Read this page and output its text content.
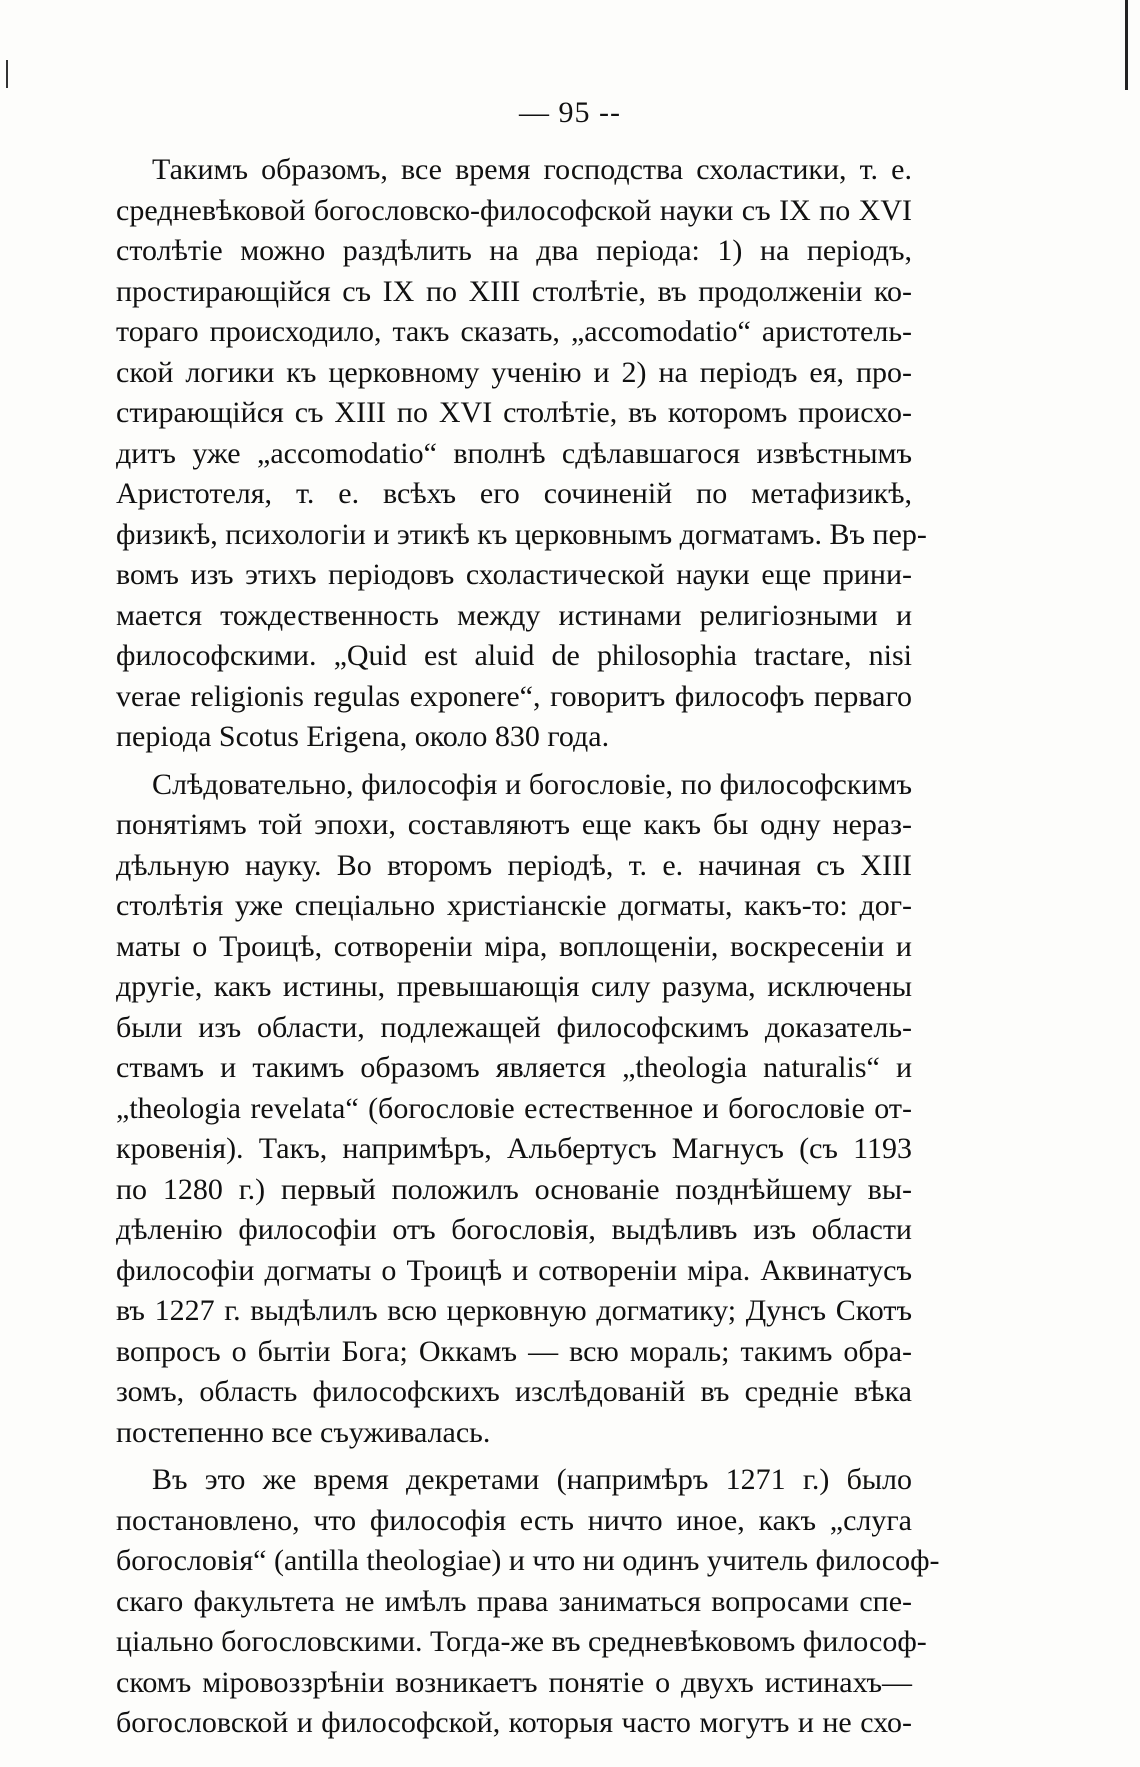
— 95 --
Такимъ образомъ, все время господства схоластики, т. е.
средневѣковой богословско-философской науки съ IX по XVI
столѣтіе можно раздѣлить на два періода: 1) на періодъ,
простирающійся съ IX по XIII столѣтіе, въ продолженіи ко-
тораго происходило, такъ сказать, „accomodatio“ аристотель-
ской логики къ церковному ученію и 2) на періодъ ея, про-
стирающійся съ XIII по XVI столѣтіе, въ которомъ происхо-
дитъ уже „accomodatio“ вполнѣ сдѣлавшагося извѣстнымъ
Аристотеля, т. е. всѣхъ его сочиненій по метафизикѣ,
физикѣ, психологіи и этикѣ къ церковнымъ догматамъ. Въ пер-
вомъ изъ этихъ періодовъ схоластической науки еще прини-
мается тождественность между истинами религіозными и
философскими. „Quid est aluid de philosophia tractare, nisi
verae religionis regulas exponere“, говоритъ философъ перваго
періода Scotus Erigena, около 830 года.
Слѣдовательно, философія и богословіе, по философскимъ
понятіямъ той эпохи, составляютъ еще какъ бы одну нераз-
дѣльную науку. Во второмъ періодѣ, т. е. начиная съ XIII
столѣтія уже спеціально христіанскіе догматы, какъ-то: дог-
маты о Троицѣ, сотвореніи міра, воплощеніи, воскресеніи и
другіе, какъ истины, превышающія силу разума, исключены
были изъ области, подлежащей философскимъ доказатель-
ствамъ и такимъ образомъ является „theologia naturalis“ и
„theologia revelata“ (богословіе естественное и богословіе от-
кровенія). Такъ, напримѣръ, Альбертусъ Магнусъ (съ 1193
по 1280 г.) первый положилъ основаніе позднѣйшему вы-
дѣленію философіи отъ богословія, выдѣливъ изъ области
философіи догматы о Троицѣ и сотвореніи міра. Аквинатусъ
въ 1227 г. выдѣлилъ всю церковную догматику; Дунсъ Скотъ
вопросъ о бытіи Бога; Оккамъ — всю мораль; такимъ обра-
зомъ, область философскихъ изслѣдованій въ средніе вѣка
постепенно все съуживалась.
Въ это же время декретами (напримѣръ 1271 г.) было
постановлено, что философія есть ничто иное, какъ „слуга
богословія“ (antilla theologiae) и что ни одинъ учитель философ-
скаго факультета не имѣлъ права заниматься вопросами спе-
ціально богословскими. Тогда-же въ средневѣковомъ философ-
скомъ міровоззрѣніи возникаетъ понятіе о двухъ истинахъ—
богословской и философской, которыя часто могутъ и не схо-
